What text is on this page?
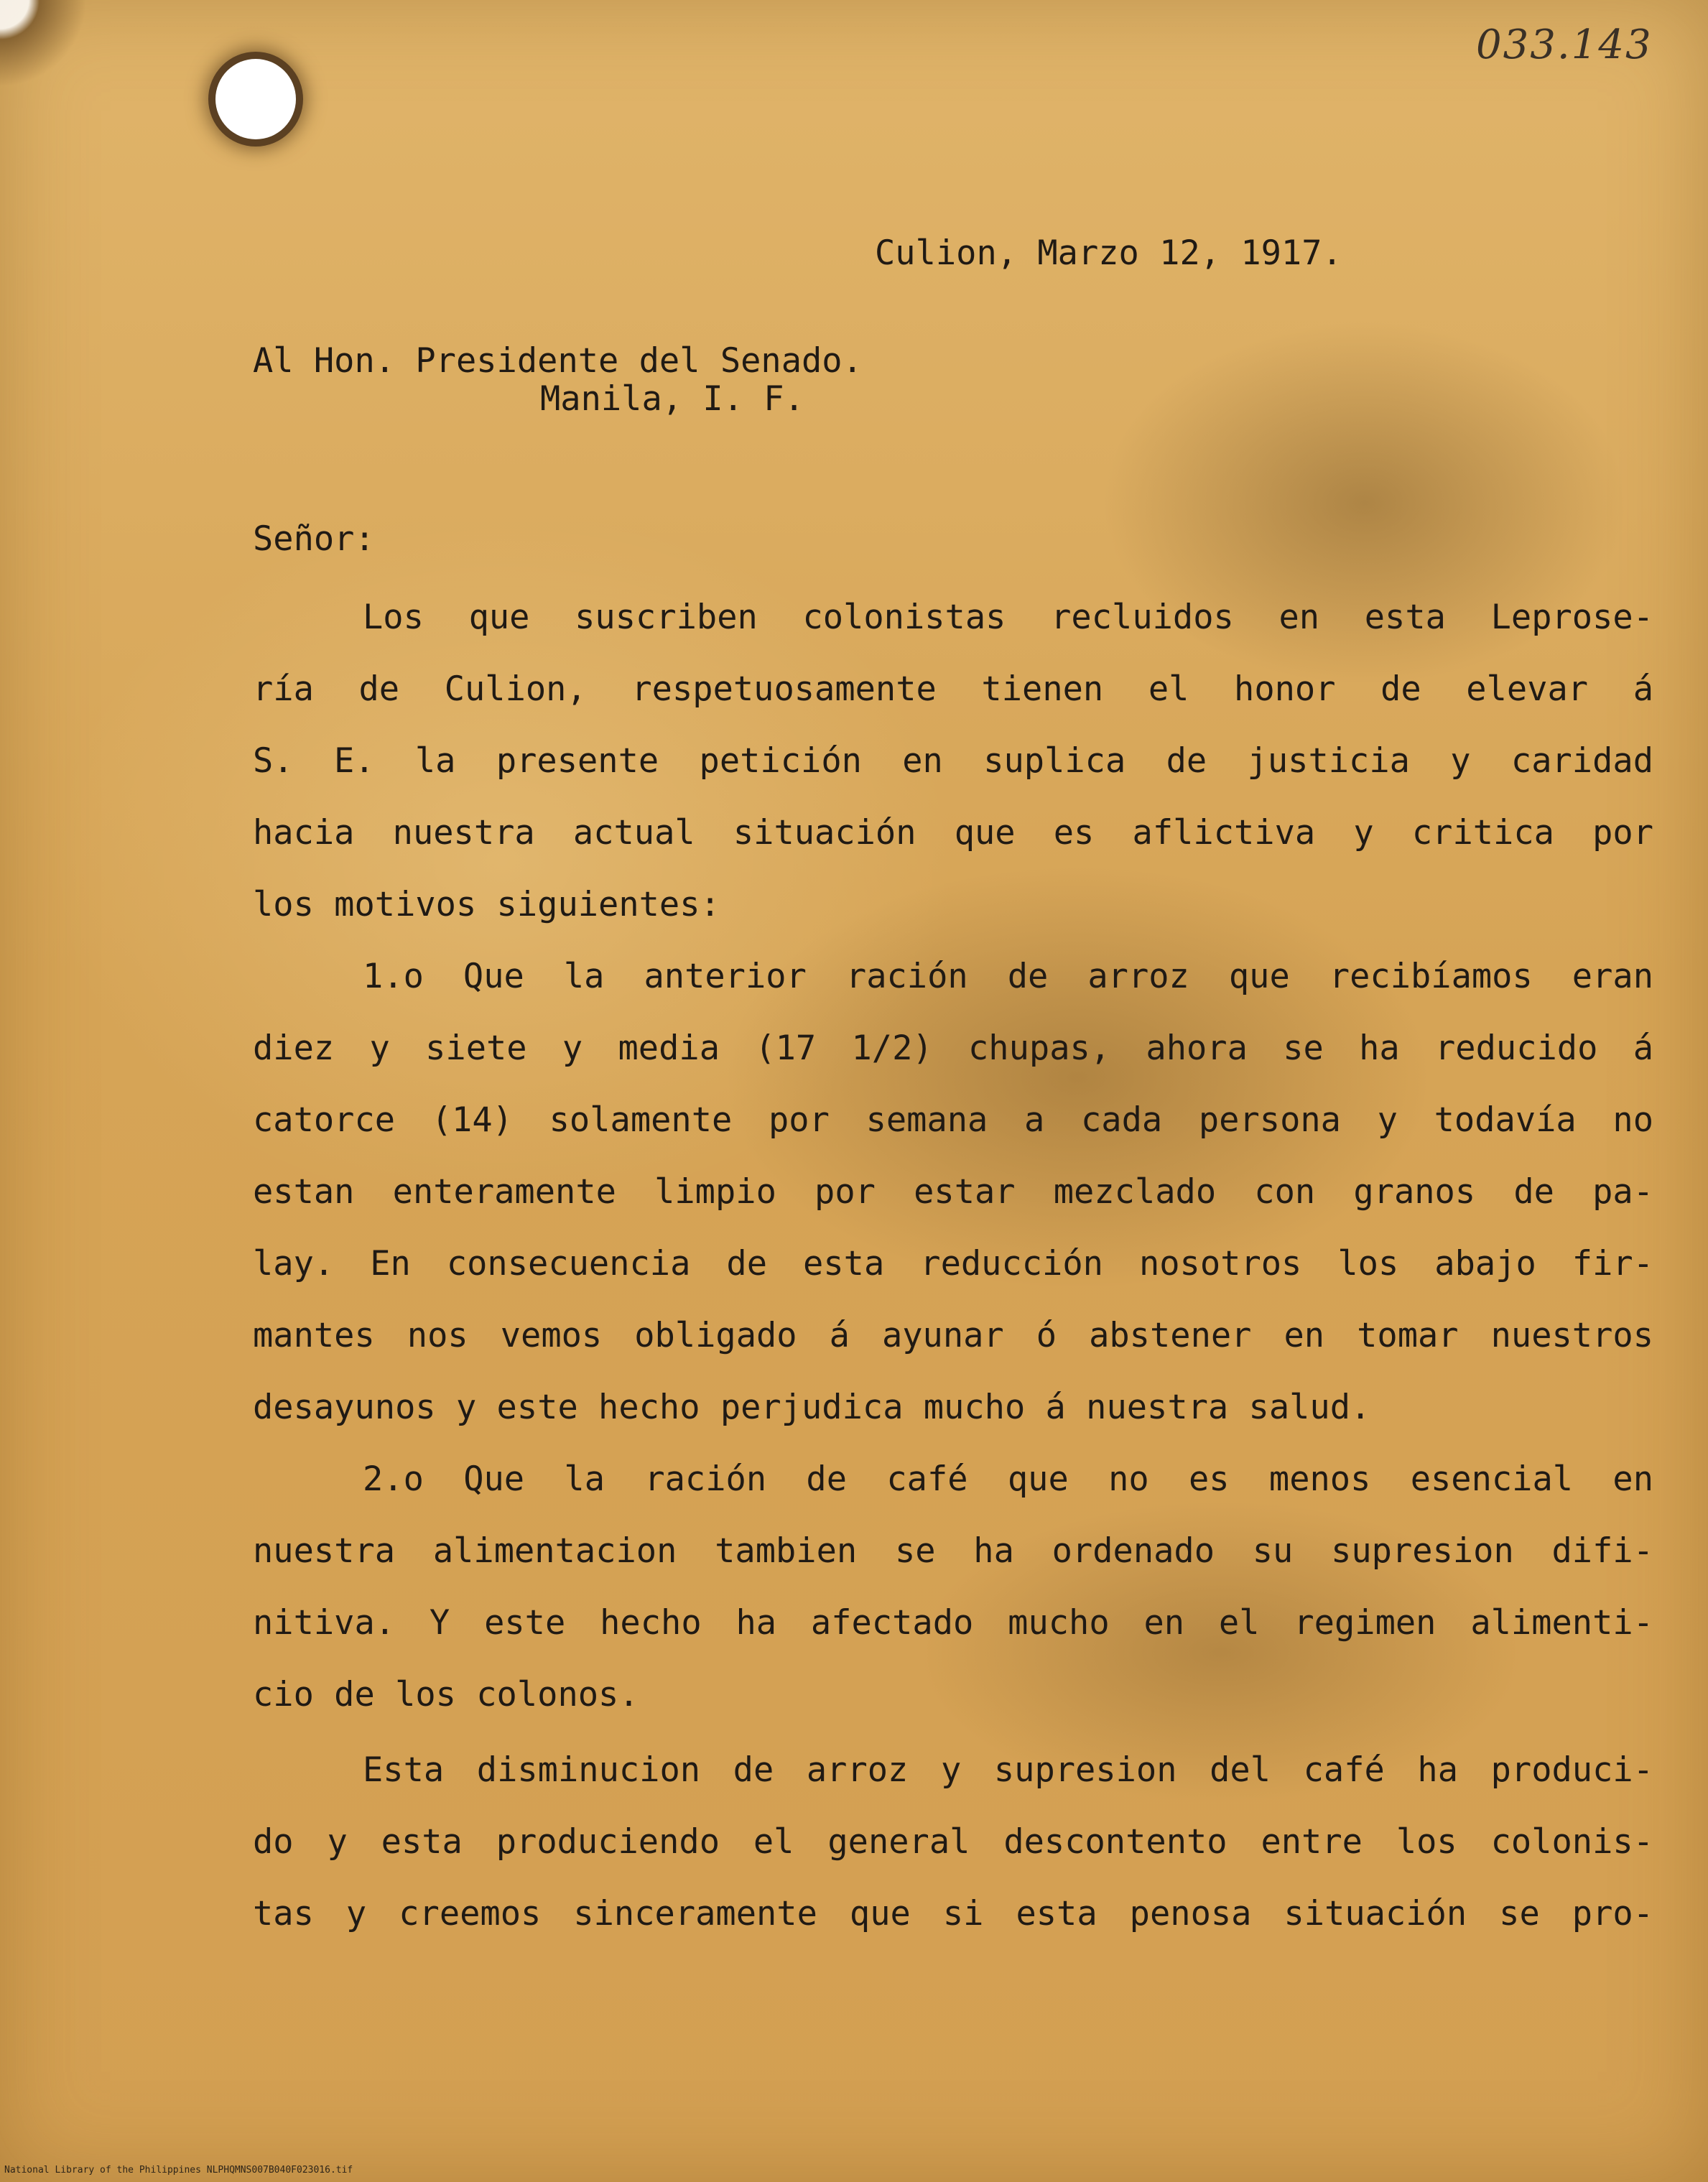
033.143
Culion, Marzo 12, 1917.
Al Hon. Presidente del Senado.
Manila, I. F.
Señor:
Los que suscriben colonistas recluidos en esta Leprose-
ría de Culion, respetuosamente tienen el honor de elevar á
S. E. la presente petición en suplica de justicia y caridad
hacia nuestra actual situación que es aflictiva y critica por
los motivos siguientes:
1.o Que la anterior ración de arroz que recibíamos eran
diez y siete y media (17 1/2) chupas, ahora se ha reducido á
catorce (14) solamente por semana a cada persona y todavía no
estan enteramente limpio por estar mezclado con granos de pa-
lay. En consecuencia de esta reducción nosotros los abajo fir-
mantes nos vemos obligado á ayunar ó abstener en tomar nuestros
desayunos y este hecho perjudica mucho á nuestra salud.
2.o Que la ración de café que no es menos esencial en
nuestra alimentacion tambien se ha ordenado su supresion difi-
nitiva. Y este hecho ha afectado mucho en el regimen alimenti-
cio de los colonos.
Esta disminucion de arroz y supresion del café ha produci-
do y esta produciendo el general descontento entre los colonis-
tas y creemos sinceramente que si esta penosa situación se pro-
National Library of the Philippines NLPHQMNS007B040F023016.tif
